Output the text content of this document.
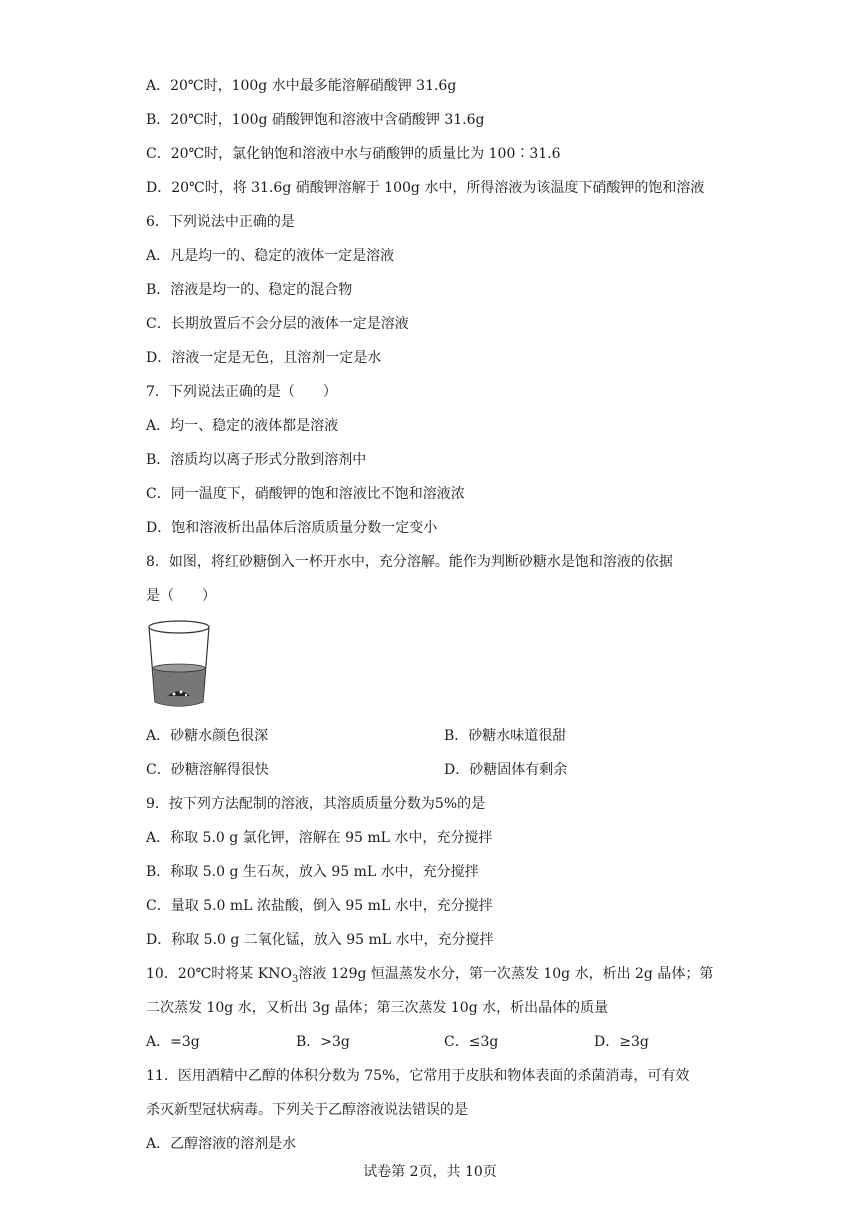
A．20℃时，100g 水中最多能溶解硝酸钾 31.6g
B．20℃时，100g 硝酸钾饱和溶液中含硝酸钾 31.6g
C．20℃时，氯化钠饱和溶液中水与硝酸钾的质量比为 100∶31.6
D．20℃时，将 31.6g 硝酸钾溶解于 100g 水中，所得溶液为该温度下硝酸钾的饱和溶液
6．下列说法中正确的是
A．凡是均一的、稳定的液体一定是溶液
B．溶液是均一的、稳定的混合物
C．长期放置后不会分层的液体一定是溶液
D．溶液一定是无色，且溶剂一定是水
7．下列说法正确的是（　　）
A．均一、稳定的液体都是溶液
B．溶质均以离子形式分散到溶剂中
C．同一温度下，硝酸钾的饱和溶液比不饱和溶液浓
D．饱和溶液析出晶体后溶质质量分数一定变小
8．如图，将红砂糖倒入一杯开水中，充分溶解。能作为判断砂糖水是饱和溶液的依据
是（　　）
A．砂糖水颜色很深	B．砂糖水味道很甜
C．砂糖溶解得很快	D．砂糖固体有剩余
9．按下列方法配制的溶液，其溶质质量分数为5%的是
A．称取 5.0 g 氯化钾，溶解在 95 mL 水中，充分搅拌
B．称取 5.0 g 生石灰，放入 95 mL 水中，充分搅拌
C．量取 5.0 mL 浓盐酸，倒入 95 mL 水中，充分搅拌
D．称取 5.0 g 二氧化锰，放入 95 mL 水中，充分搅拌
10．20℃时将某 $KNO_3$溶液 129g 恒温蒸发水分，第一次蒸发 10g 水，析出 2g 晶体；第
二次蒸发 10g 水，又析出 3g 晶体；第三次蒸发 10g 水，析出晶体的质量
A．=3g	B．>3g	C．≤3g	D．≥3g
11．医用酒精中乙醇的体积分数为 75%，它常用于皮肤和物体表面的杀菌消毒，可有效
杀灭新型冠状病毒。下列关于乙醇溶液说法错误的是
A．乙醇溶液的溶剂是水
试卷第 2页，共 10页
